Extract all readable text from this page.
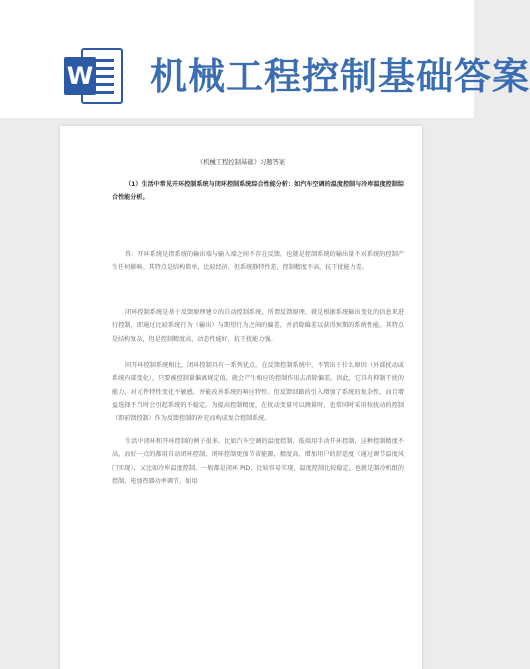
W 机械工程控制基础答案
《机械工程控制基础》习题答案

（1）生活中常见开环控制系统与闭环控制系统综合性能分析：如汽车空调的温度控制与冷库温度控制综合性能分析。

答：开环系统是指系统的输出端与输入端之间不存在反馈，也就是控制系统的输出量不对系统的控制产生任何影响。其特点是结构简单，比较经济，但系统静特性差，控制精度不高，抗干扰能力差。

闭环控制系统是基于反馈原理建立的自动控制系统。所谓反馈原理，就是根据系统输出变化的信息来进行控制，即通过比较系统行为（输出）与期望行为之间的偏差，并消除偏差以获得预期的系统性能。其特点是结构复杂，但是控制精度高，动态性能好，抗干扰能力强。

同开环控制系统相比，闭环控制具有一系列优点。在反馈控制系统中，不管出于什么原因（外部扰动或系统内部变化），只要被控制量偏离规定值，就会产生相应的控制作用去消除偏差。因此，它具有抑制干扰的能力，对元件特性变化不敏感，并能改善系统的响应特性。但反馈回路的引入增加了系统的复杂性，而且增益选择不当时会引起系统的不稳定。为提高控制精度，在扰动变量可以测量时，也常同时采用按扰动的控制（即前馈控制）作为反馈控制的补充而构成复合控制系统。

生活中闭环和开环控制的例子很多，比如汽车空调的温度控制，低端用手动开环控制，这种控制精度不高，而好一点的都用自动闭环控制，闭环控制更加节省能源，精度高，增加用户的舒适度（通过调节温度风门实现），又比如冷库温度控制，一般都是闭环 PID，比较容易实现，温度控制比较稳定，也就是制冷机组的控制，电加热器功率调节，如用
